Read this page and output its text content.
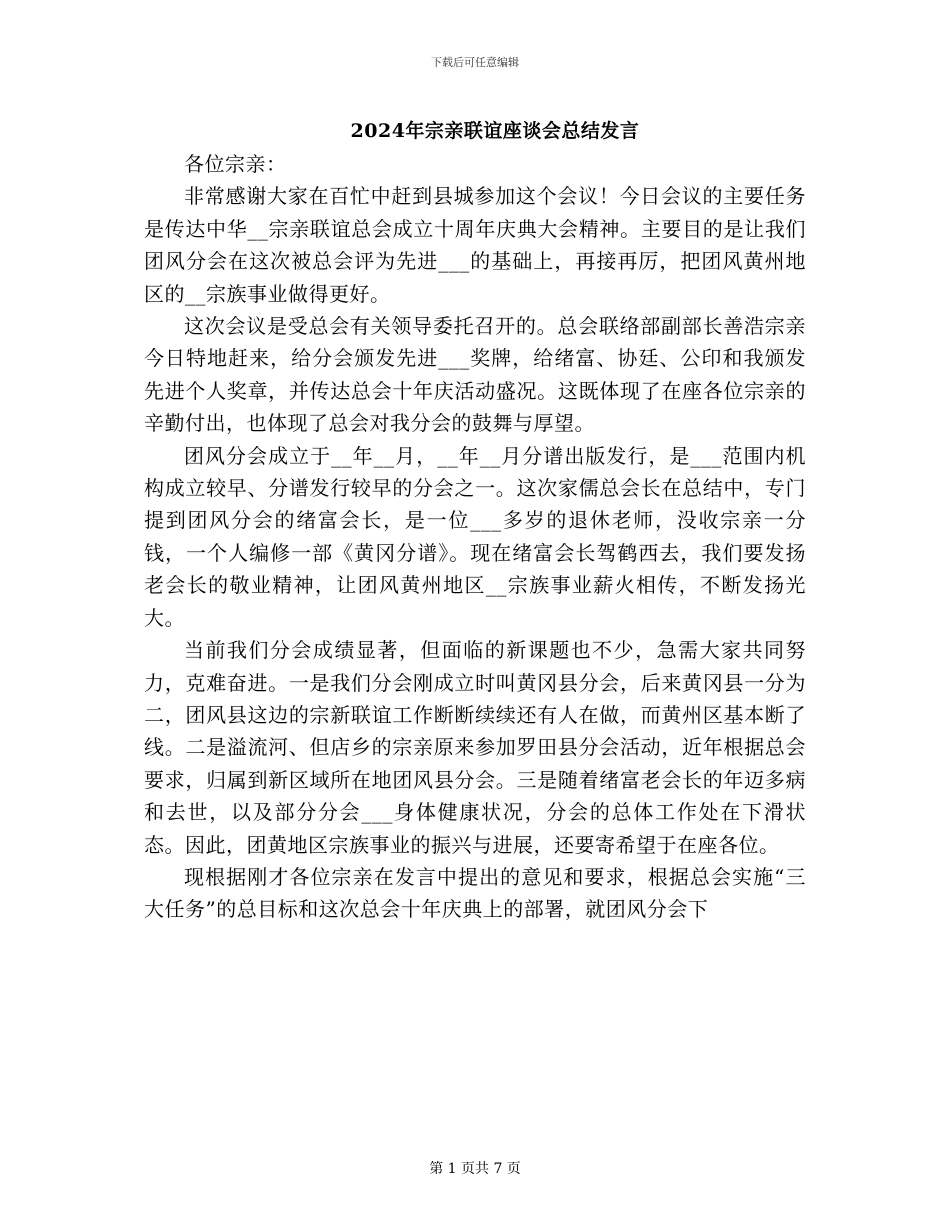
下载后可任意编辑
2024年宗亲联谊座谈会总结发言

各位宗亲：

非常感谢大家在百忙中赶到县城参加这个会议！今日会议的主要任务是传达中华__宗亲联谊总会成立十周年庆典大会精神。主要目的是让我们团风分会在这次被总会评为先进___的基础上，再接再厉，把团风黄州地区的__宗族事业做得更好。

这次会议是受总会有关领导委托召开的。总会联络部副部长善浩宗亲今日特地赶来，给分会颁发先进___奖牌，给绪富、协廷、公印和我颁发先进个人奖章，并传达总会十年庆活动盛况。这既体现了在座各位宗亲的辛勤付出，也体现了总会对我分会的鼓舞与厚望。

团风分会成立于__年__月，__年__月分谱出版发行，是___范围内机构成立较早、分谱发行较早的分会之一。这次家儒总会长在总结中，专门提到团风分会的绪富会长，是一位___多岁的退休老师，没收宗亲一分钱，一个人编修一部《黄冈分谱》。现在绪富会长驾鹤西去，我们要发扬老会长的敬业精神，让团风黄州地区__宗族事业薪火相传，不断发扬光大。

当前我们分会成绩显著，但面临的新课题也不少，急需大家共同努力，克难奋进。一是我们分会刚成立时叫黄冈县分会，后来黄冈县一分为二，团风县这边的宗新联谊工作断断续续还有人在做，而黄州区基本断了线。二是溢流河、但店乡的宗亲原来参加罗田县分会活动，近年根据总会要求，归属到新区域所在地团风县分会。三是随着绪富老会长的年迈多病和去世，以及部分分会___身体健康状况，分会的总体工作处在下滑状态。因此，团黄地区宗族事业的振兴与进展，还要寄希望于在座各位。

现根据刚才各位宗亲在发言中提出的意见和要求，根据总会实施“三大任务”的总目标和这次总会十年庆典上的部署，就团风分会下

第 1 页共 7 页
